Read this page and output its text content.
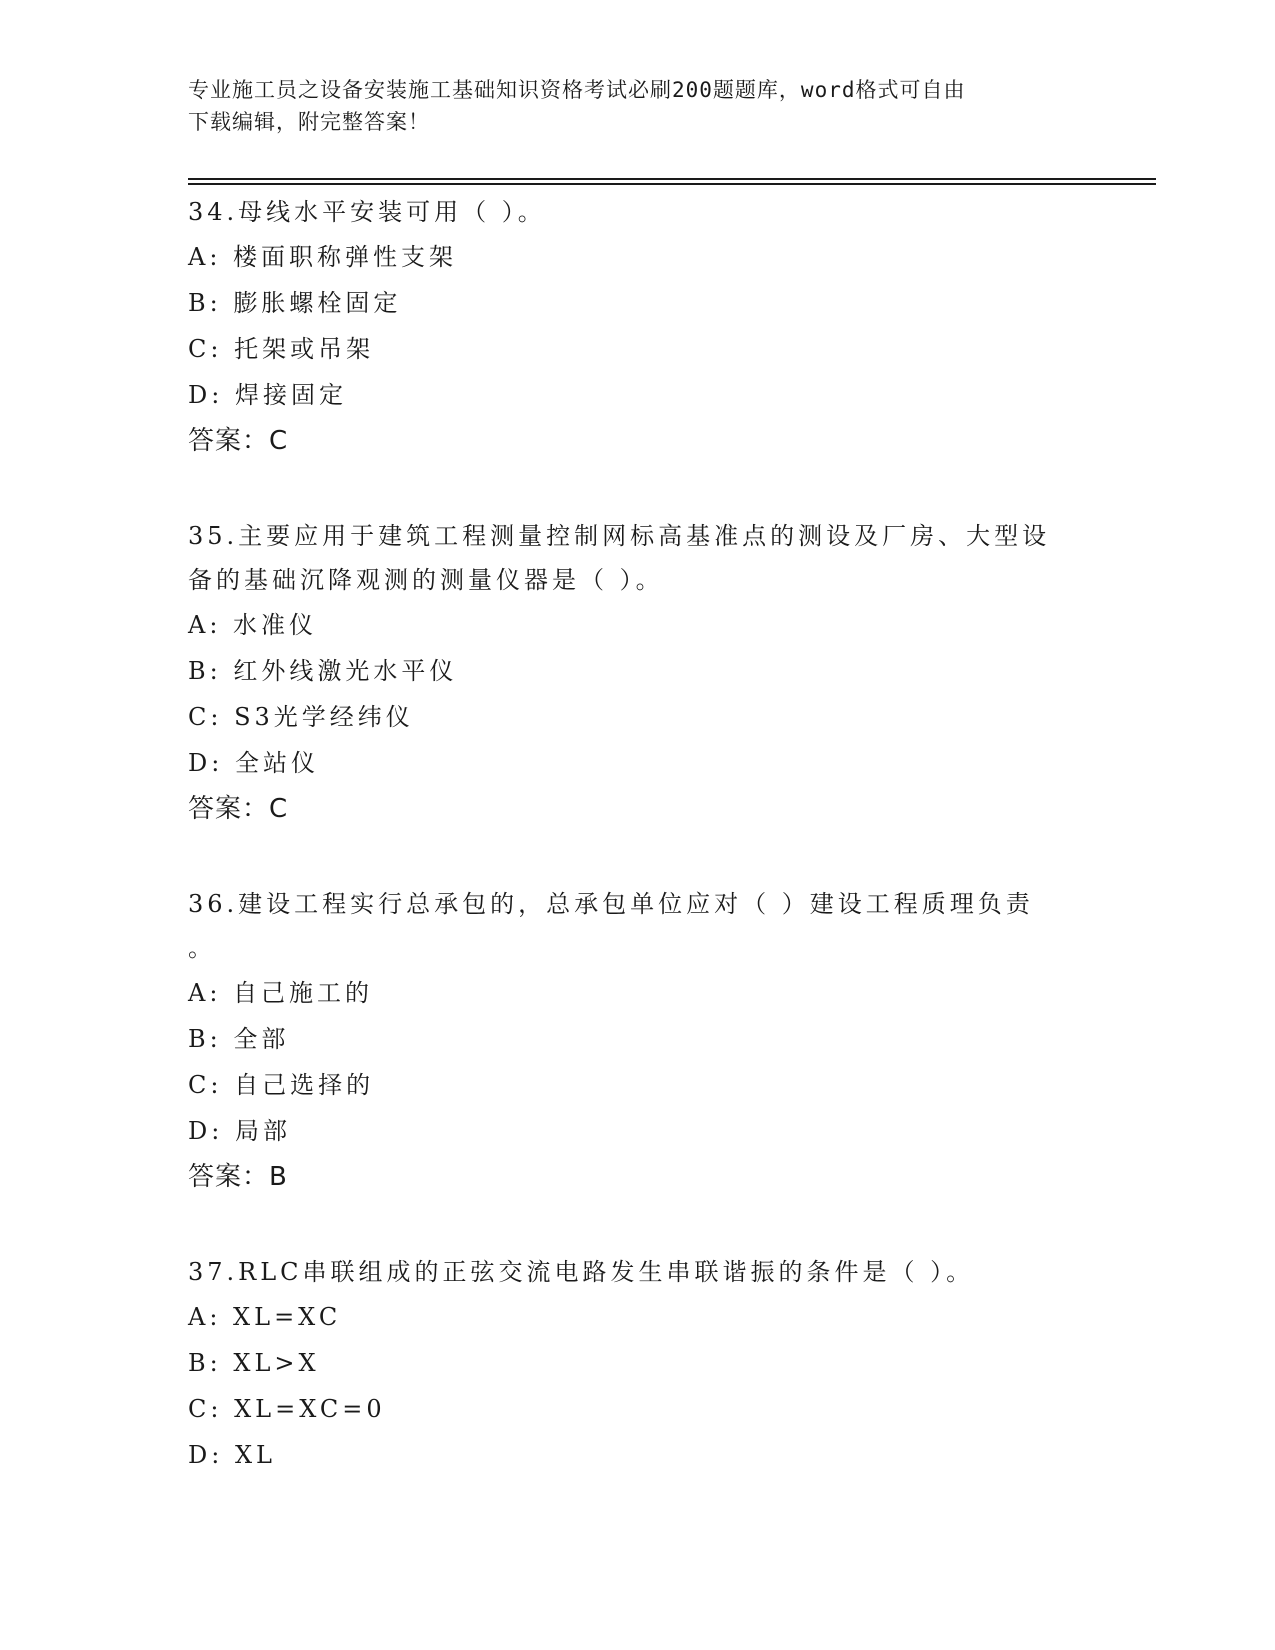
专业施工员之设备安装施工基础知识资格考试必刷200题题库，word格式可自由
下载编辑，附完整答案！
34.母线水平安装可用（ ）。
A: 楼面职称弹性支架
B: 膨胀螺栓固定
C: 托架或吊架
D: 焊接固定
答案：C
35.主要应用于建筑工程测量控制网标高基准点的测设及厂房、大型设
备的基础沉降观测的测量仪器是（ ）。
A: 水准仪
B: 红外线激光水平仪
C: S3光学经纬仪
D: 全站仪
答案：C
36.建设工程实行总承包的，总承包单位应对（ ）建设工程质理负责
。
A: 自己施工的
B: 全部
C: 自己选择的
D: 局部
答案：B
37.RLC串联组成的正弦交流电路发生串联谐振的条件是（ ）。
A: XL=XC
B: XL>X
C: XL=XC=0
D: XL
